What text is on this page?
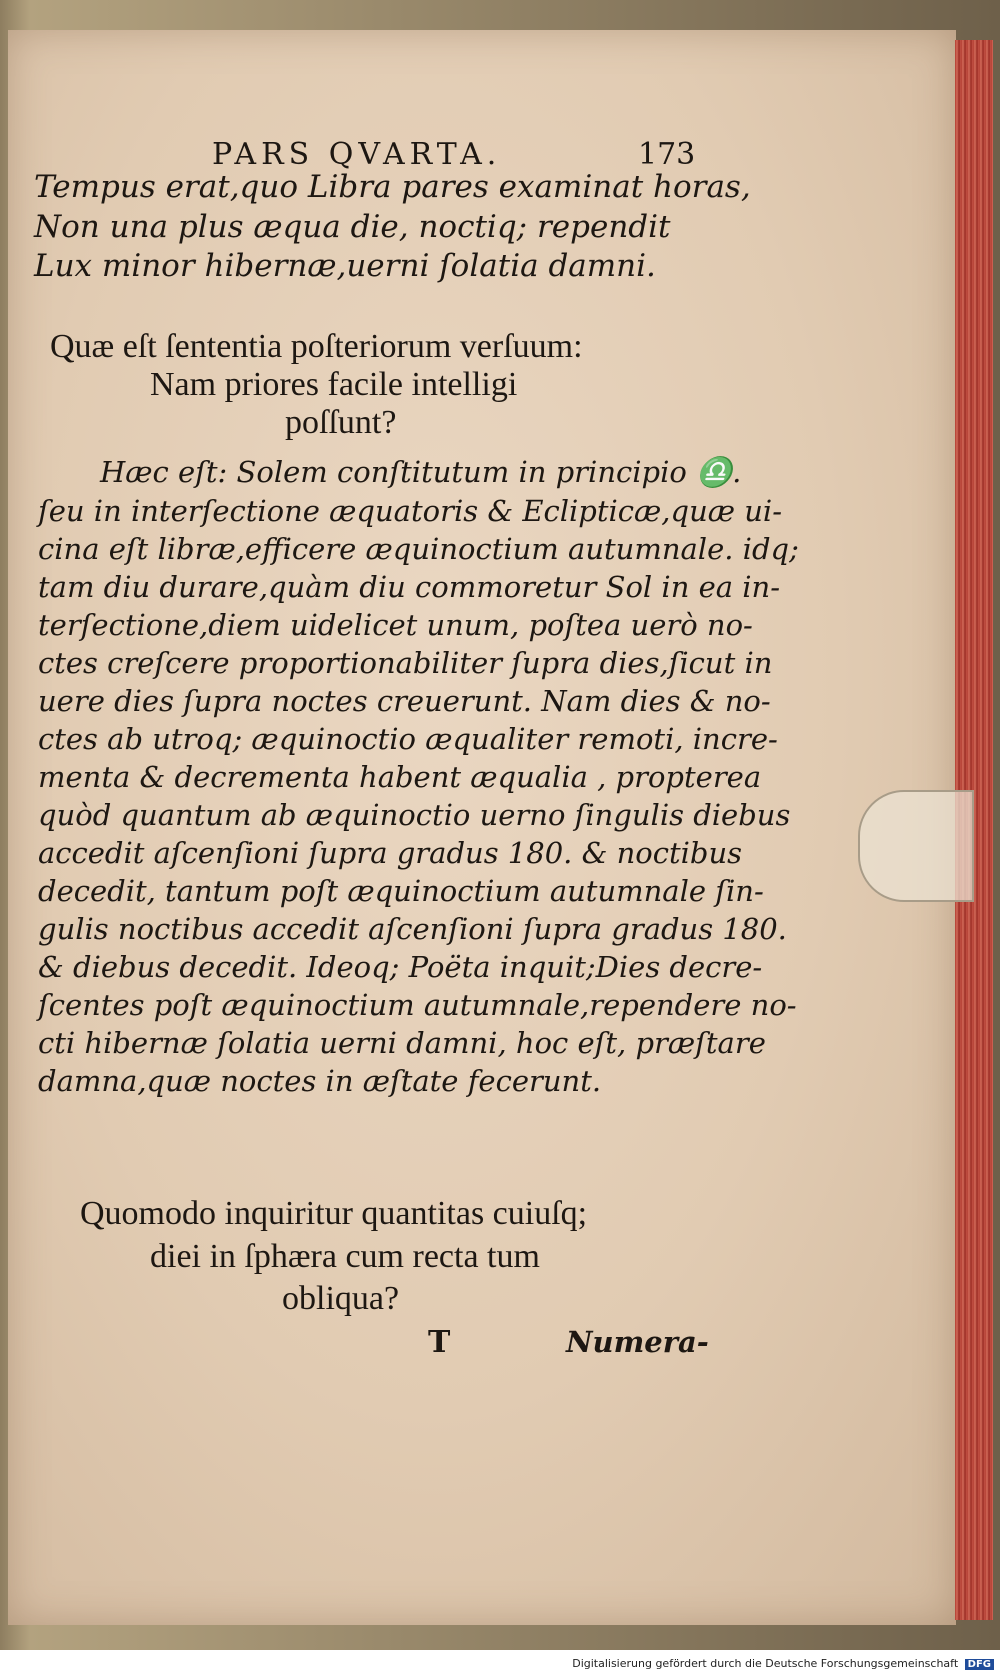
PARS QVARTA.	173
Tempus erat,quo Libra pares examinat horas,
Non una plus æqua die, noctiq; rependit
Lux minor hibernæ,uerni ſolatia damni.
Quæ eſt ſententia poſteriorum verſuum:
Nam priores facile intelligi
poſſunt?
Hæc eſt: Solem conſtitutum in principio ♎.
ſeu in interſectione æquatoris & Eclipticæ,quæ ui-
cina eſt libræ,efficere æquinoctium autumnale. idq;
tam diu durare,quàm diu commoretur Sol in ea in-
terſectione,diem uidelicet unum, poſtea uerò no-
ctes creſcere proportionabiliter ſupra dies,ſicut in
uere dies ſupra noctes creuerunt. Nam dies & no-
ctes ab utroq; æquinoctio æqualiter remoti, incre-
menta & decrementa habent æqualia , propterea
quòd quantum ab æquinoctio uerno ſingulis diebus
accedit aſcenſioni ſupra gradus 180. & noctibus
decedit, tantum poſt æquinoctium autumnale ſin-
gulis noctibus accedit aſcenſioni ſupra gradus 180.
& diebus decedit. Ideoq; Poëta inquit;Dies decre-
ſcentes poſt æquinoctium autumnale,rependere no-
cti hibernæ ſolatia uerni damni, hoc eſt, præſtare
damna,quæ noctes in æſtate fecerunt.
Quomodo inquiritur quantitas cuiuſq;
diei in ſphæra cum recta tum
obliqua?
T	Numera-
Digitalisierung gefördert durch die Deutsche Forschungsgemeinschaft DFG
